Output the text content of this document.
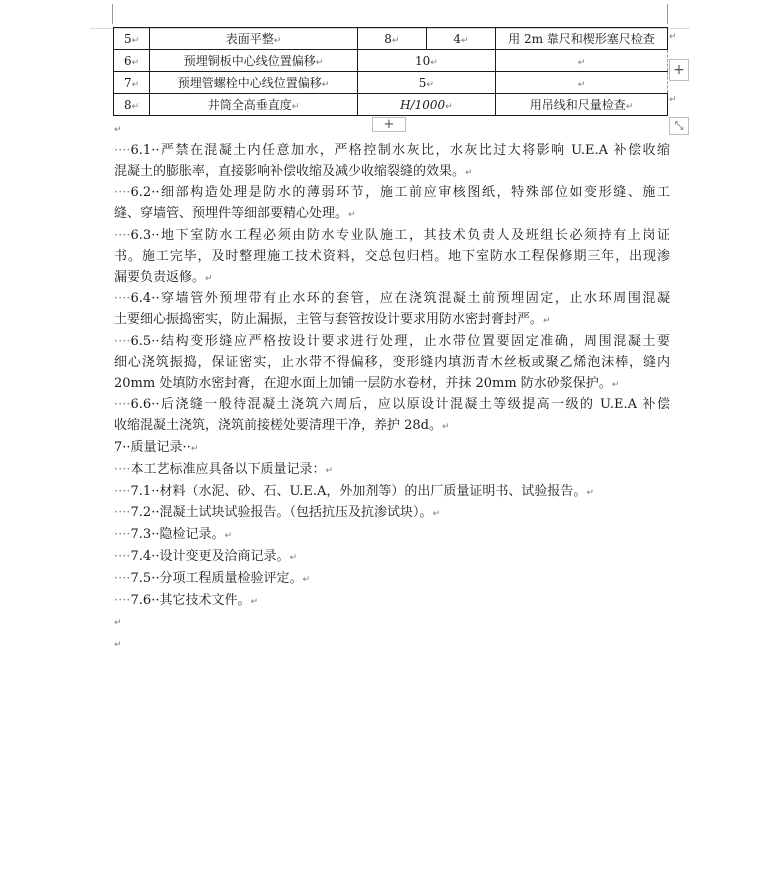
5↵	表面平整↵	8↵	4↵	用 2m 靠尺和楔形塞尺检查
6↵	预埋铜板中心线位置偏移↵	10↵		↵
7↵	预埋管螺栓中心线位置偏移↵	5↵		↵
8↵	井筒全高垂直度↵	H/1000↵		用吊线和尺量检查↵
↵
↵
+
+	⤡

↵

····6.1··严禁在混凝土内任意加水，严格控制水灰比，水灰比过大将影响 U.E.A 补偿收缩

混凝土的膨胀率，直接影响补偿收缩及减少收缩裂缝的效果。↵

····6.2··细部构造处理是防水的薄弱环节，施工前应审核图纸，特殊部位如变形缝、施工

缝、穿墙管、预埋件等细部要精心处理。↵

····6.3··地下室防水工程必须由防水专业队施工，其技术负责人及班组长必须持有上岗证

书。施工完毕，及时整理施工技术资料，交总包归档。地下室防水工程保修期三年，出现渗

漏要负责返修。↵

····6.4··穿墙管外预埋带有止水环的套管，应在浇筑混凝土前预埋固定，止水环周围混凝

土要细心振捣密实，防止漏振，主管与套管按设计要求用防水密封膏封严。↵

····6.5··结构变形缝应严格按设计要求进行处理，止水带位置要固定准确，周围混凝土要

细心浇筑振捣，保证密实，止水带不得偏移，变形缝内填沥青木丝板或聚乙烯泡沫棒，缝内

20mm 处填防水密封膏，在迎水面上加铺一层防水卷材，并抹 20mm 防水砂浆保护。↵

····6.6··后浇缝一般待混凝土浇筑六周后，应以原设计混凝土等级提高一级的 U.E.A 补偿

收缩混凝土浇筑，浇筑前接槎处要清理干净，养护 28d。↵

7··质量记录··↵

····本工艺标准应具备以下质量记录：↵

····7.1··材料（水泥、砂、石、U.E.A，外加剂等）的出厂质量证明书、试验报告。↵

····7.2··混凝土试块试验报告。（包括抗压及抗渗试块）。↵

····7.3··隐检记录。↵

····7.4··设计变更及洽商记录。↵

····7.5··分项工程质量检验评定。↵

····7.6··其它技术文件。↵

↵

↵
